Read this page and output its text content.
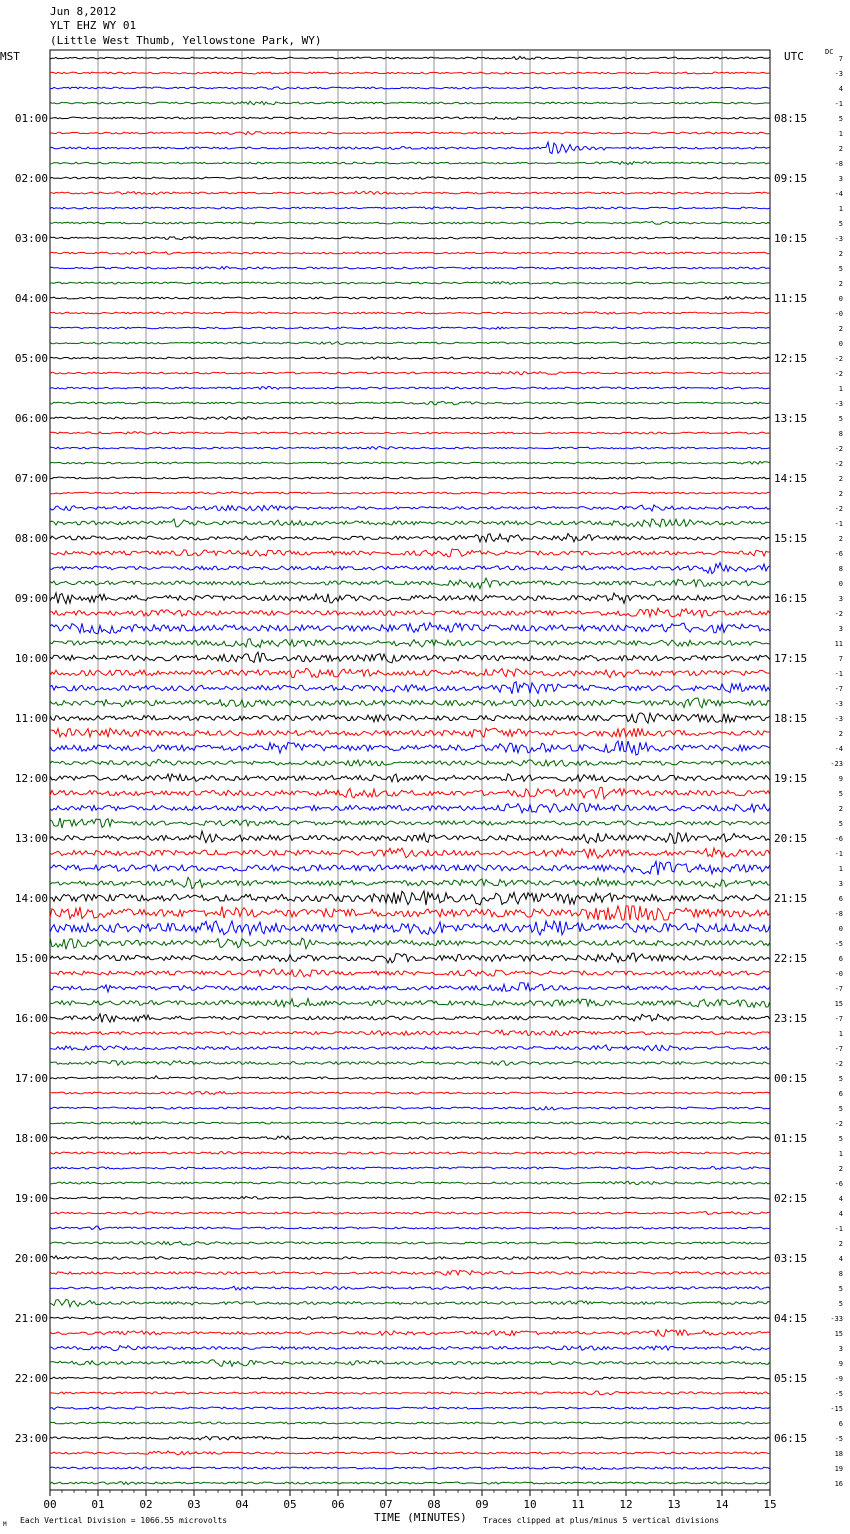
Jun 8,2012
YLT EHZ WY 01
(Little West Thumb, Yellowstone Park, WY)
MST	UTC	DC
00	01	02	03	04	05	06	07	08	09	10	11	12	13	14	15
7
-3
4
-1
5
1
2
-8
3
-4
1
5
-3
2
5
2
0
-0
2
0
-2
-2
1
-3
5
8
-2
-2
2
2
-2
-1
2
-6
8
0
3
-2
3
11
7
-1
-7
-3
-3
2
-4
-23
9
5
2
5
-6
-1
1
3
6
-8
0
-5
6
-0
-7
15
-7
1
-7
-2
5
6
5
-2
5
1
2
-6
4
4
-1
2
4
8
5
5
-33
15
3
9
-9
-5
-15
6
-5
18
19
16
01:00	08:15
02:00	09:15
03:00	10:15
04:00	11:15
05:00	12:15
06:00	13:15
07:00	14:15
08:00	15:15
09:00	16:15
10:00	17:15
11:00	18:15
12:00	19:15
13:00	20:15
14:00	21:15
15:00	22:15
16:00	23:15
17:00	00:15
18:00	01:15
19:00	02:15
20:00	03:15
21:00	04:15
22:00	05:15
23:00	06:15
TIME (MINUTES)
Each Vertical Division = 1066.55 microvolts	Traces clipped at plus/minus 5 vertical divisions
M
